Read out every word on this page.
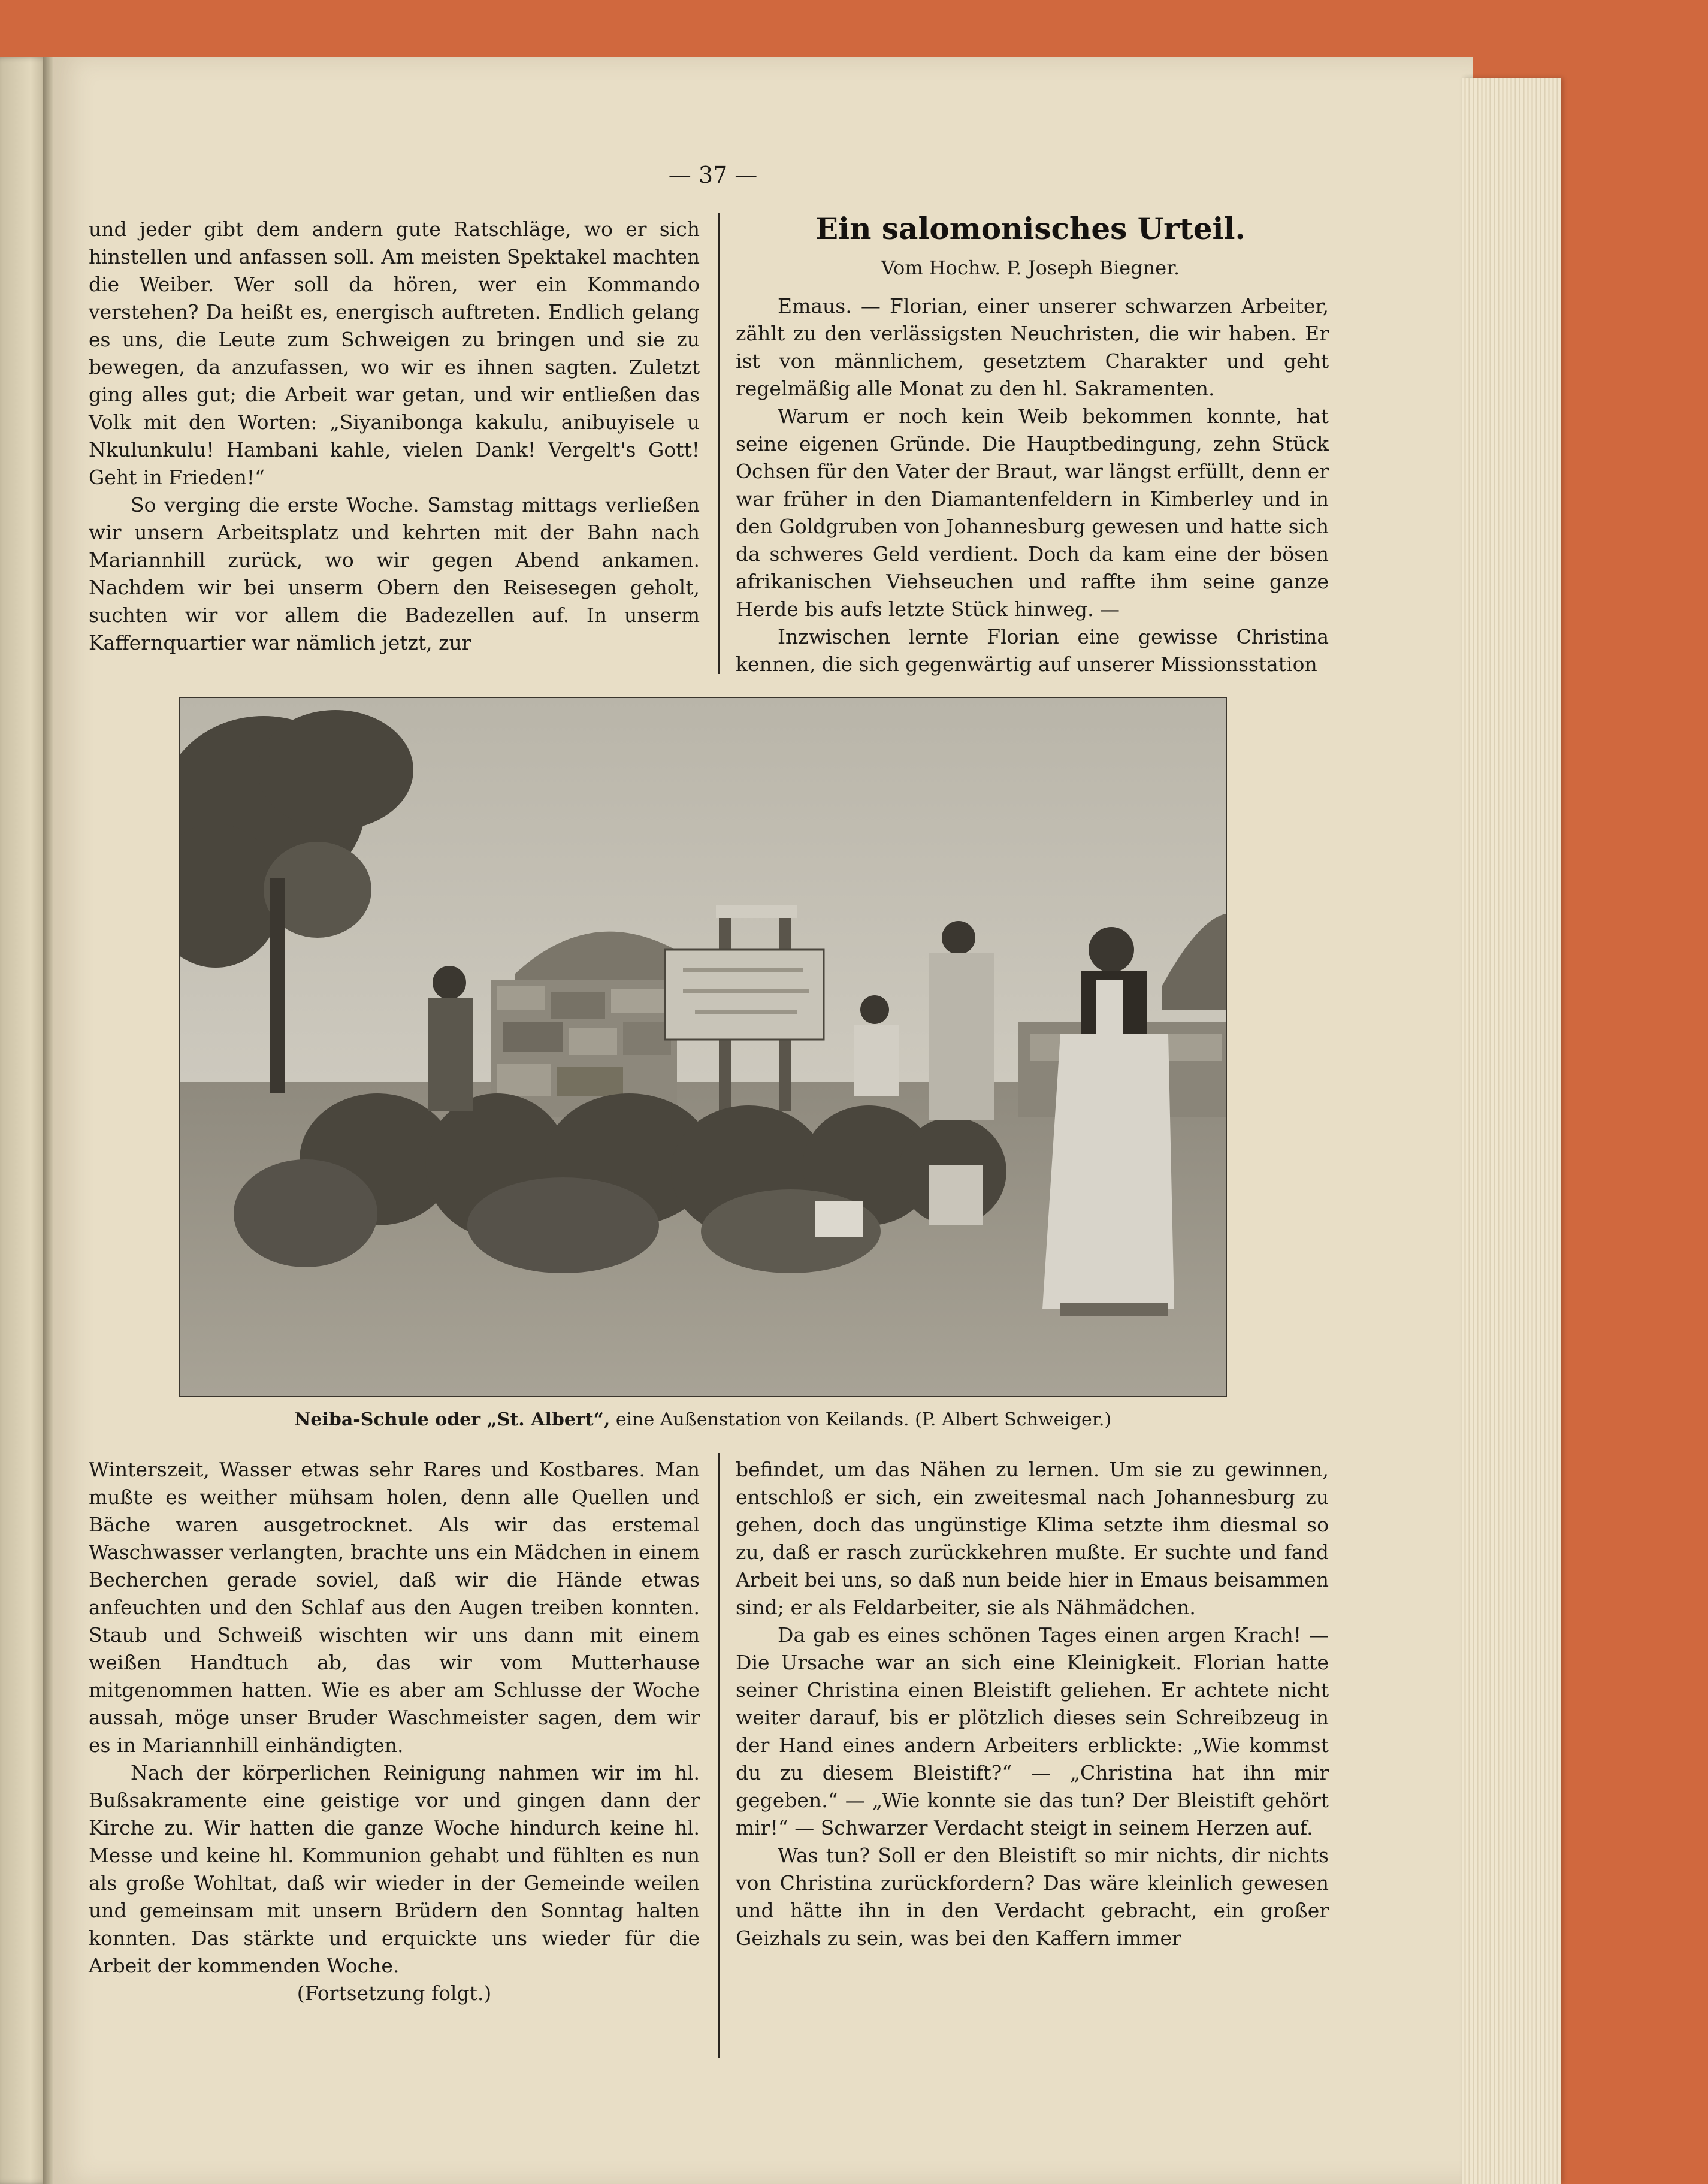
— 37 —

und jeder gibt dem andern gute Ratschläge, wo er sich hinstellen und anfassen soll. Am meisten Spektakel machten die Weiber. Wer soll da hören, wer ein Kommando verstehen? Da heißt es, energisch auftreten. Endlich gelang es uns, die Leute zum Schweigen zu bringen und sie zu bewegen, da anzufassen, wo wir es ihnen sagten. Zuletzt ging alles gut; die Arbeit war getan, und wir entließen das Volk mit den Worten: „Siyanibonga kakulu, anibuyisele u Nkulunkulu! Hambani kahle, vielen Dank! Vergelt's Gott! Geht in Frieden!“

So verging die erste Woche. Samstag mittags verließen wir unsern Arbeitsplatz und kehrten mit der Bahn nach Mariannhill zurück, wo wir gegen Abend ankamen. Nachdem wir bei unserm Obern den Reisesegen geholt, suchten wir vor allem die Badezellen auf. In unserm Kaffernquartier war nämlich jetzt, zur

Ein salomonisches Urteil.
Vom Hochw. P. Joseph Biegner.

Emaus. — Florian, einer unserer schwarzen Arbeiter, zählt zu den verlässigsten Neuchristen, die wir haben. Er ist von männlichem, gesetztem Charakter und geht regelmäßig alle Monat zu den hl. Sakramenten.

Warum er noch kein Weib bekommen konnte, hat seine eigenen Gründe. Die Hauptbedingung, zehn Stück Ochsen für den Vater der Braut, war längst erfüllt, denn er war früher in den Diamantenfeldern in Kimberley und in den Goldgruben von Johannesburg gewesen und hatte sich da schweres Geld verdient. Doch da kam eine der bösen afrikanischen Viehseuchen und raffte ihm seine ganze Herde bis aufs letzte Stück hinweg. —

Inzwischen lernte Florian eine gewisse Christina kennen, die sich gegenwärtig auf unserer Missionsstation

Neiba-Schule oder „St. Albert“, eine Außenstation von Keilands. (P. Albert Schweiger.)

Winterszeit, Wasser etwas sehr Rares und Kostbares. Man mußte es weither mühsam holen, denn alle Quellen und Bäche waren ausgetrocknet. Als wir das erstemal Waschwasser verlangten, brachte uns ein Mädchen in einem Becherchen gerade soviel, daß wir die Hände etwas anfeuchten und den Schlaf aus den Augen treiben konnten. Staub und Schweiß wischten wir uns dann mit einem weißen Handtuch ab, das wir vom Mutterhause mitgenommen hatten. Wie es aber am Schlusse der Woche aussah, möge unser Bruder Waschmeister sagen, dem wir es in Mariannhill einhändigten.

Nach der körperlichen Reinigung nahmen wir im hl. Bußsakramente eine geistige vor und gingen dann der Kirche zu. Wir hatten die ganze Woche hindurch keine hl. Messe und keine hl. Kommunion gehabt und fühlten es nun als große Wohltat, daß wir wieder in der Gemeinde weilen und gemeinsam mit unsern Brüdern den Sonntag halten konnten. Das stärkte und erquickte uns wieder für die Arbeit der kommenden Woche.

(Fortsetzung folgt.)

befindet, um das Nähen zu lernen. Um sie zu gewinnen, entschloß er sich, ein zweitesmal nach Johannesburg zu gehen, doch das ungünstige Klima setzte ihm diesmal so zu, daß er rasch zurückkehren mußte. Er suchte und fand Arbeit bei uns, so daß nun beide hier in Emaus beisammen sind; er als Feldarbeiter, sie als Nähmädchen.

Da gab es eines schönen Tages einen argen Krach! — Die Ursache war an sich eine Kleinigkeit. Florian hatte seiner Christina einen Bleistift geliehen. Er achtete nicht weiter darauf, bis er plötzlich dieses sein Schreibzeug in der Hand eines andern Arbeiters erblickte: „Wie kommst du zu diesem Bleistift?“ — „Christina hat ihn mir gegeben.“ — „Wie konnte sie das tun? Der Bleistift gehört mir!“ — Schwarzer Verdacht steigt in seinem Herzen auf.

Was tun? Soll er den Bleistift so mir nichts, dir nichts von Christina zurückfordern? Das wäre kleinlich gewesen und hätte ihn in den Verdacht gebracht, ein großer Geizhals zu sein, was bei den Kaffern immer
